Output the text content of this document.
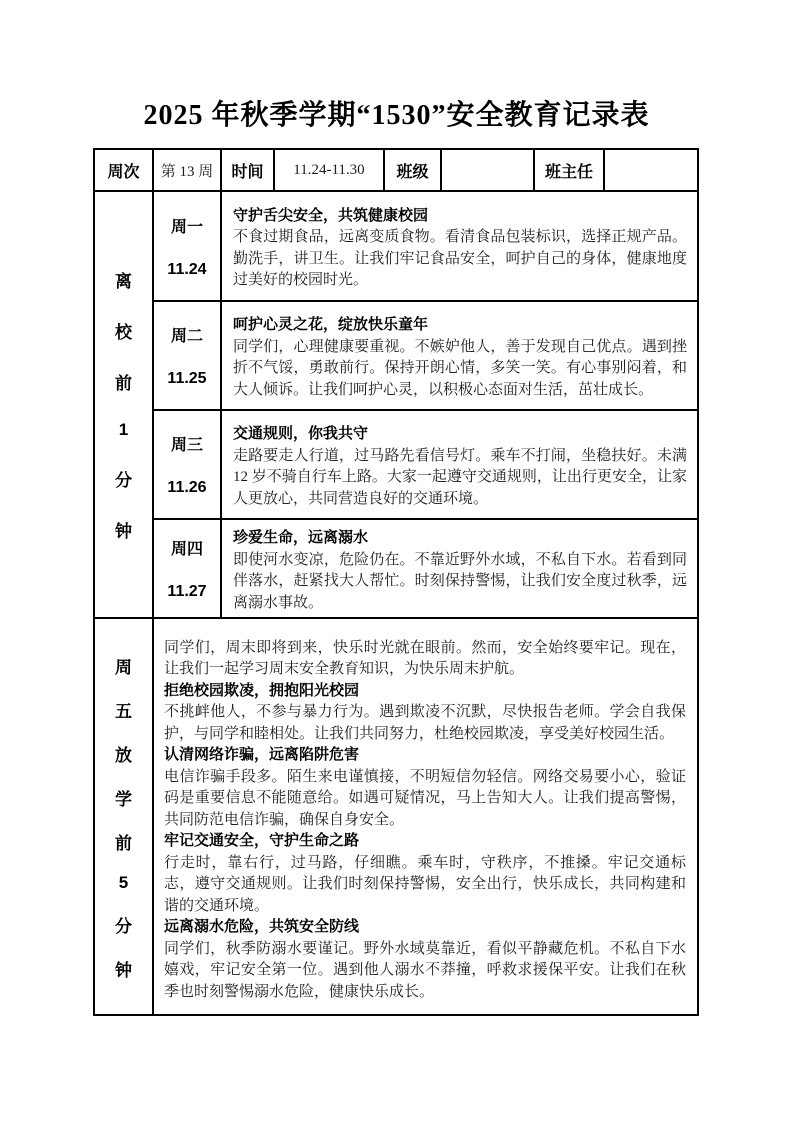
2025 年秋季学期“1530”安全教育记录表
周次	第 13 周	时间	11.24-11.30	班级		班主任	

离
校
前
1
分
钟

周一
11.24

守护舌尖安全，共筑健康校园
不食过期食品，远离变质食物。看清食品包装标识，选择正规产品。勤洗手，讲卫生。让我们牢记食品安全，呵护自己的身体，健康地度过美好的校园时光。

周二
11.25

呵护心灵之花，绽放快乐童年
同学们，心理健康要重视。不嫉妒他人，善于发现自己优点。遇到挫折不气馁，勇敢前行。保持开朗心情，多笑一笑。有心事别闷着，和大人倾诉。让我们呵护心灵，以积极心态面对生活，茁壮成长。

周三
11.26

交通规则，你我共守
走路要走人行道，过马路先看信号灯。乘车不打闹，坐稳扶好。未满 12 岁不骑自行车上路。大家一起遵守交通规则，让出行更安全，让家人更放心，共同营造良好的交通环境。

周四
11.27

珍爱生命，远离溺水
即使河水变凉，危险仍在。不靠近野外水域，不私自下水。若看到同伴落水，赶紧找大人帮忙。时刻保持警惕，让我们安全度过秋季，远离溺水事故。

周
五
放
学
前
5
分
钟

同学们，周末即将到来，快乐时光就在眼前。然而，安全始终要牢记。现在，让我们一起学习周末安全教育知识，为快乐周末护航。
拒绝校园欺凌，拥抱阳光校园
不挑衅他人，不参与暴力行为。遇到欺凌不沉默，尽快报告老师。学会自我保护，与同学和睦相处。让我们共同努力，杜绝校园欺凌，享受美好校园生活。
认清网络诈骗，远离陷阱危害
电信诈骗手段多。陌生来电谨慎接，不明短信勿轻信。网络交易要小心，验证码是重要信息不能随意给。如遇可疑情况，马上告知大人。让我们提高警惕，共同防范电信诈骗，确保自身安全。
牢记交通安全，守护生命之路
行走时，靠右行，过马路，仔细瞧。乘车时，守秩序，不推搡。牢记交通标志，遵守交通规则。让我们时刻保持警惕，安全出行，快乐成长，共同构建和谐的交通环境。
远离溺水危险，共筑安全防线
同学们，秋季防溺水要谨记。野外水域莫靠近，看似平静藏危机。不私自下水嬉戏，牢记安全第一位。遇到他人溺水不莽撞，呼救求援保平安。让我们在秋季也时刻警惕溺水危险，健康快乐成长。
